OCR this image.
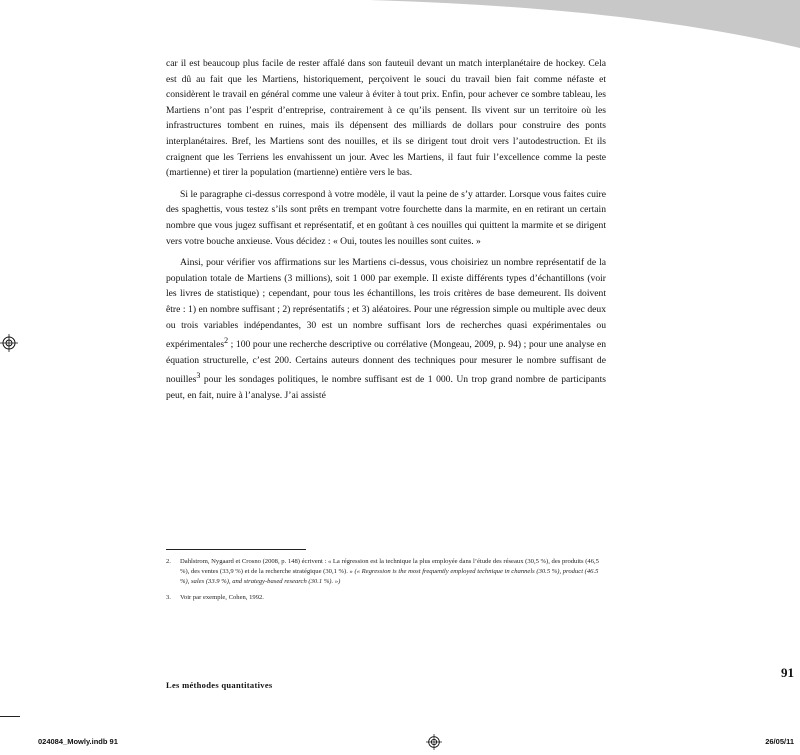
car il est beaucoup plus facile de rester affalé dans son fauteuil devant un match interplanétaire de hockey. Cela est dû au fait que les Martiens, historiquement, perçoivent le souci du travail bien fait comme néfaste et considèrent le travail en général comme une valeur à éviter à tout prix. Enfin, pour achever ce sombre tableau, les Martiens n’ont pas l’esprit d’entreprise, contrairement à ce qu’ils pensent. Ils vivent sur un territoire où les infrastructures tombent en ruines, mais ils dépensent des milliards de dollars pour construire des ponts interplanétaires. Bref, les Martiens sont des nouilles, et ils se dirigent tout droit vers l’autodestruction. Et ils craignent que les Terriens les envahissent un jour. Avec les Martiens, il faut fuir l’excellence comme la peste (martienne) et tirer la population (martienne) entière vers le bas.

Si le paragraphe ci-dessus correspond à votre modèle, il vaut la peine de s’y attarder. Lorsque vous faites cuire des spaghettis, vous testez s’ils sont prêts en trempant votre fourchette dans la marmite, en en retirant un certain nombre que vous jugez suffisant et représentatif, et en goûtant à ces nouilles qui quittent la marmite et se dirigent vers votre bouche anxieuse. Vous décidez : « Oui, toutes les nouilles sont cuites. »

Ainsi, pour vérifier vos affirmations sur les Martiens ci-dessus, vous choisiriez un nombre représentatif de la population totale de Martiens (3 millions), soit 1 000 par exemple. Il existe différents types d’échantillons (voir les livres de statistique) ; cependant, pour tous les échantillons, les trois critères de base demeurent. Ils doivent être : 1) en nombre suffisant ; 2) représentatifs ; et 3) aléatoires. Pour une régression simple ou multiple avec deux ou trois variables indépendantes, 30 est un nombre suffisant lors de recherches quasi expérimentales ou expérimentales$^2$ ; 100 pour une recherche descriptive ou corrélative (Mongeau, 2009, p. 94) ; pour une analyse en équation structurelle, c’est 200. Certains auteurs donnent des techniques pour mesurer le nombre suffisant de nouilles$^3$ pour les sondages politiques, le nombre suffisant est de 1 000. Un trop grand nombre de participants peut, en fait, nuire à l’analyse. J’ai assisté

2.	Dahlstrom, Nygaard et Crosno (2008, p. 148) écrivent : « La régression est la technique la plus employée dans l’étude des réseaux (30,5 %), des produits (46,5 %), des ventes (33,9 %) et de la recherche stratégique (30,1 %). » (« Regression is the most frequently employed technique in channels (30.5 %), product (46.5 %), sales (33.9 %), and strategy-based research (30.1 %). »)
3.	Voir par exemple, Cohen, 1992.
91
Les méthodes quantitatives
024084_Mowly.indb 91	26/05/11
